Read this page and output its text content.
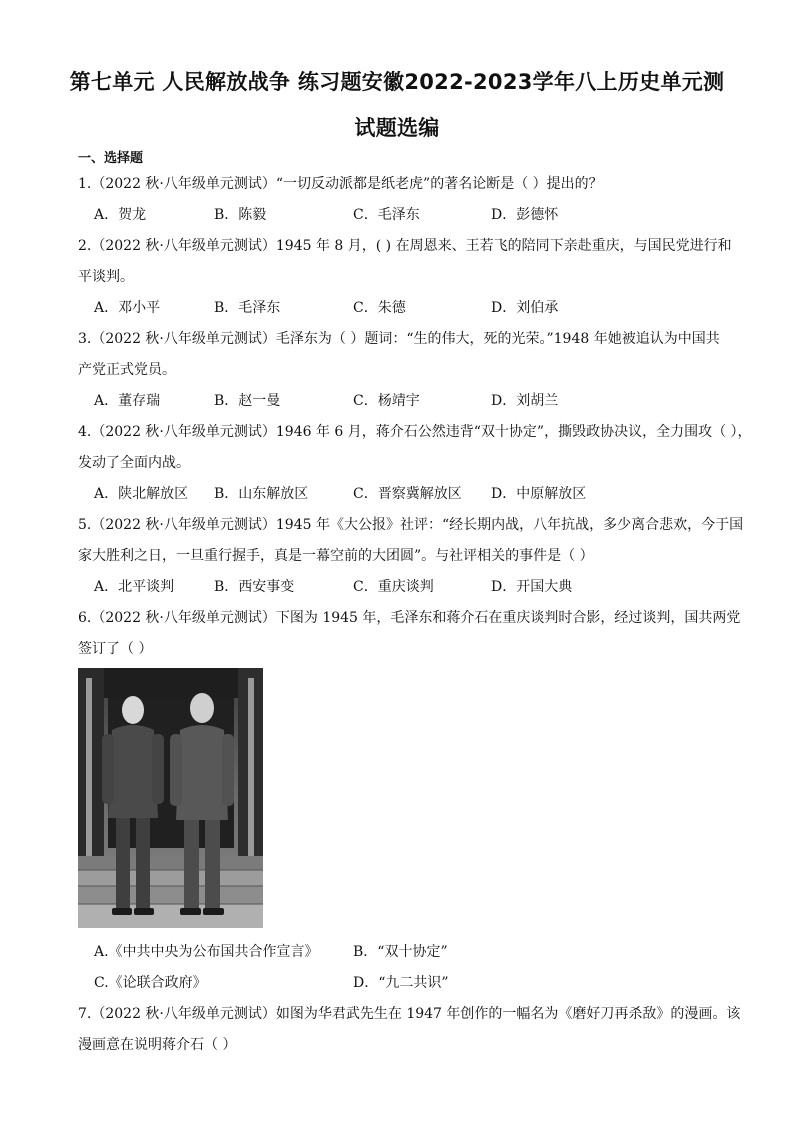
第七单元 人民解放战争 练习题安徽2022-2023学年八上历史单元测
试题选编
一、选择题
1.（2022 秋·八年级单元测试）“一切反动派都是纸老虎”的著名论断是（ ）提出的？
A．贺龙	B．陈毅	C．毛泽东	D．彭德怀
2.（2022 秋·八年级单元测试）1945 年 8 月，( ) 在周恩来、王若飞的陪同下亲赴重庆，与国民党进行和
平谈判。
A．邓小平	B．毛泽东	C．朱德	D．刘伯承
3.（2022 秋·八年级单元测试）毛泽东为（ ）题词：“生的伟大，死的光荣。”1948 年她被追认为中国共
产党正式党员。
A．董存瑞	B．赵一曼	C．杨靖宇	D．刘胡兰
4.（2022 秋·八年级单元测试）1946 年 6 月，蒋介石公然违背“双十协定”，撕毁政协决议，全力围攻（ ），
发动了全面内战。
A．陕北解放区 B．山东解放区	C．晋察冀解放区 D．中原解放区
5.（2022 秋·八年级单元测试）1945 年《大公报》社评：“经长期内战，八年抗战，多少离合悲欢，今于国
家大胜利之日，一旦重行握手，真是一幕空前的大团圆”。与社评相关的事件是（ ）
A．北平谈判	B．西安事变	C．重庆谈判	D．开国大典
6.（2022 秋·八年级单元测试）下图为 1945 年，毛泽东和蒋介石在重庆谈判时合影，经过谈判，国共两党
签订了（ ）
A.《中共中央为公布国共合作宣言》 B．“双十协定”
C.《论联合政府》	D．“九二共识”
7.（2022 秋·八年级单元测试）如图为华君武先生在 1947 年创作的一幅名为《磨好刀再杀敌》的漫画。该
漫画意在说明蒋介石（ ）
